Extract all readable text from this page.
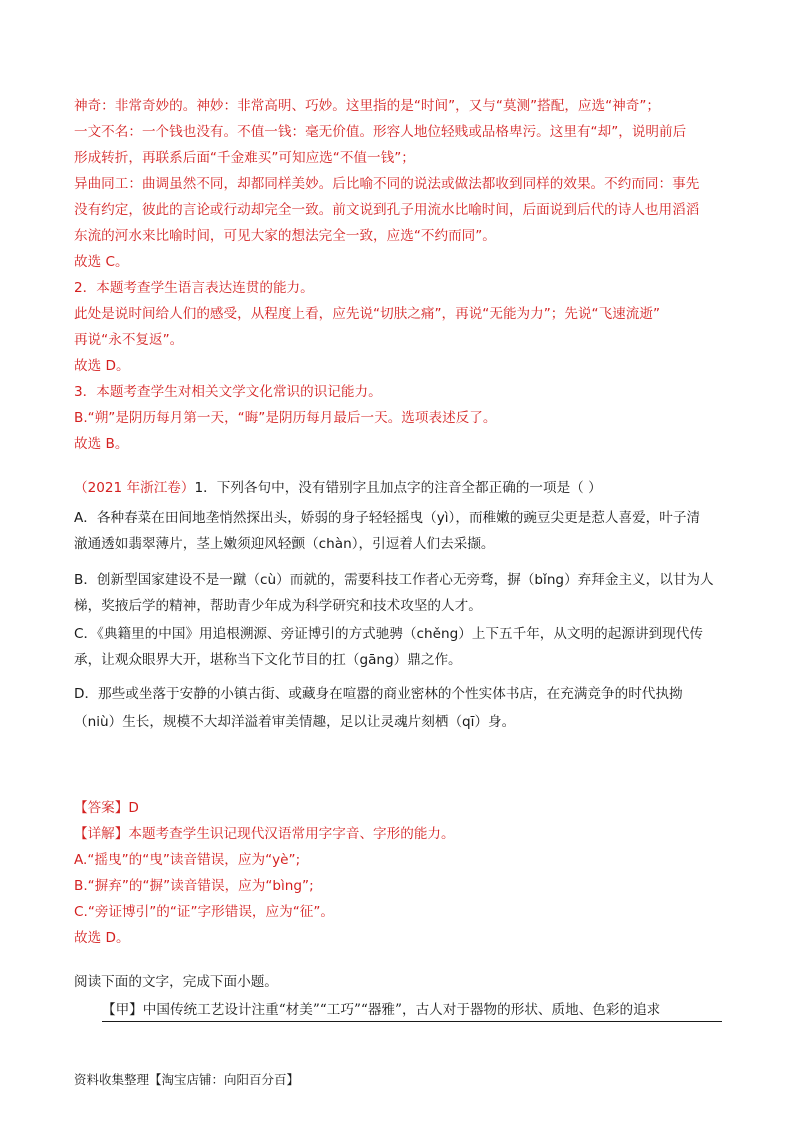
神奇：非常奇妙的。神妙：非常高明、巧妙。这里指的是“时间”，又与“莫测”搭配，应选“神奇”；
一文不名：一个钱也没有。不值一钱：毫无价值。形容人地位轻贱或品格卑污。这里有“却”，说明前后
形成转折，再联系后面“千金难买”可知应选“不值一钱”；
异曲同工：曲调虽然不同，却都同样美妙。后比喻不同的说法或做法都收到同样的效果。不约而同：事先
没有约定，彼此的言论或行动却完全一致。前文说到孔子用流水比喻时间，后面说到后代的诗人也用滔滔
东流的河水来比喻时间，可见大家的想法完全一致，应选“不约而同”。
故选 C。
2．本题考查学生语言表达连贯的能力。
此处是说时间给人们的感受，从程度上看，应先说“切肤之痛”，再说“无能为力”；先说“飞速流逝”
再说“永不复返”。
故选 D。
3．本题考查学生对相关文学文化常识的识记能力。
B.“朔”是阴历每月第一天，“晦”是阴历每月最后一天。选项表述反了。
故选 B。
（2021 年浙江卷）1．下列各句中，没有错别字且加点字的注音全都正确的一项是（ ）
A．各种春菜在田间地垄悄然探出头，娇弱的身子轻轻摇曳（yì），而稚嫩的豌豆尖更是惹人喜爱，叶子清
澈通透如翡翠薄片，茎上嫩须迎风轻颤（chàn），引逗着人们去采撷。
B．创新型国家建设不是一蹴（cù）而就的，需要科技工作者心无旁骛，摒（bǐng）弃拜金主义，以甘为人
梯，奖掖后学的精神，帮助青少年成为科学研究和技术攻坚的人才。
C．《典籍里的中国》用追根溯源、旁证博引的方式驰骋（chěng）上下五千年，从文明的起源讲到现代传
承，让观众眼界大开，堪称当下文化节目的扛（gāng）鼎之作。
D．那些或坐落于安静的小镇古街、或藏身在喧嚣的商业密林的个性实体书店，在充满竞争的时代执拗
（niù）生长，规模不大却洋溢着审美情趣，足以让灵魂片刻栖（qī）身。
【答案】D
【详解】本题考查学生识记现代汉语常用字字音、字形的能力。
A.“摇曳”的“曳”读音错误，应为“yè”;
B.“摒弃”的“摒”读音错误，应为“bìng”;
C.“旁证博引”的“证”字形错误，应为“征”。
故选 D。
阅读下面的文字，完成下面小题。
【甲】中国传统工艺设计注重“材美”“工巧”“器雅”，古人对于器物的形状、质地、色彩的追求
资料收集整理【淘宝店铺：向阳百分百】
